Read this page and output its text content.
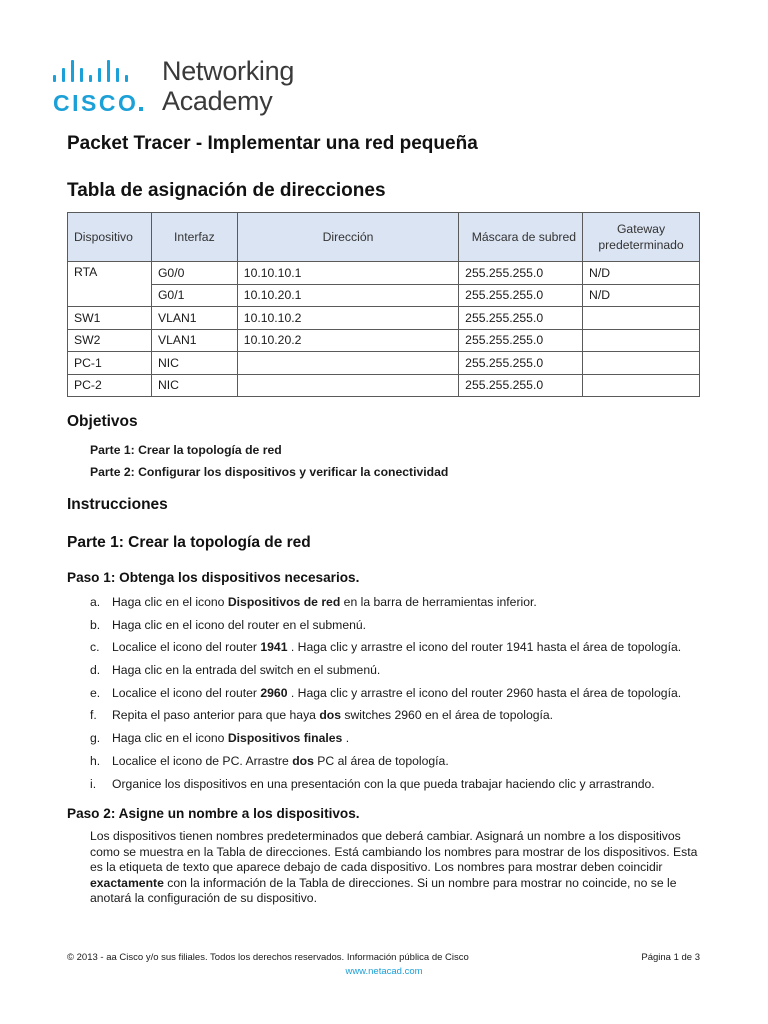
CISCO
Networking
Academy
Packet Tracer - Implementar una red pequeña
Tabla de asignación de direcciones
Dispositivo	Interfaz	Dirección	Máscara de subred	Gateway
predeterminado
RTA	G0/0	10.10.10.1	255.255.255.0	N/D
	G0/1	10.10.20.1	255.255.255.0	N/D
SW1	VLAN1	10.10.10.2	255.255.255.0	
SW2	VLAN1	10.10.20.2	255.255.255.0	
PC-1	NIC		255.255.255.0	
PC-2	NIC		255.255.255.0	
Objetivos
Parte 1: Crear la topología de red
Parte 2: Configurar los dispositivos y verificar la conectividad
Instrucciones
Parte 1: Crear la topología de red
Paso 1: Obtenga los dispositivos necesarios.
a. Haga clic en el icono Dispositivos de red en la barra de herramientas inferior.
b. Haga clic en el icono del router en el submenú.
c. Localice el icono del router 1941 . Haga clic y arrastre el icono del router 1941 hasta el área de topología.
d. Haga clic en la entrada del switch en el submenú.
e. Localice el icono del router 2960 . Haga clic y arrastre el icono del router 2960 hasta el área de topología.
f. Repita el paso anterior para que haya dos switches 2960 en el área de topología.
g. Haga clic en el icono Dispositivos finales .
h. Localice el icono de PC. Arrastre dos PC al área de topología.
i. Organice los dispositivos en una presentación con la que pueda trabajar haciendo clic y arrastrando.
Paso 2: Asigne un nombre a los dispositivos.
Los dispositivos tienen nombres predeterminados que deberá cambiar. Asignará un nombre a los dispositivos como se muestra en la Tabla de direcciones. Está cambiando los nombres para mostrar de los dispositivos. Esta es la etiqueta de texto que aparece debajo de cada dispositivo. Los nombres para mostrar deben coincidir exactamente con la información de la Tabla de direcciones. Si un nombre para mostrar no coincide, no se le anotará la configuración de su dispositivo.
© 2013 - aa Cisco y/o sus filiales. Todos los derechos reservados. Información pública de Cisco	Página 1 de 3
www.netacad.com
